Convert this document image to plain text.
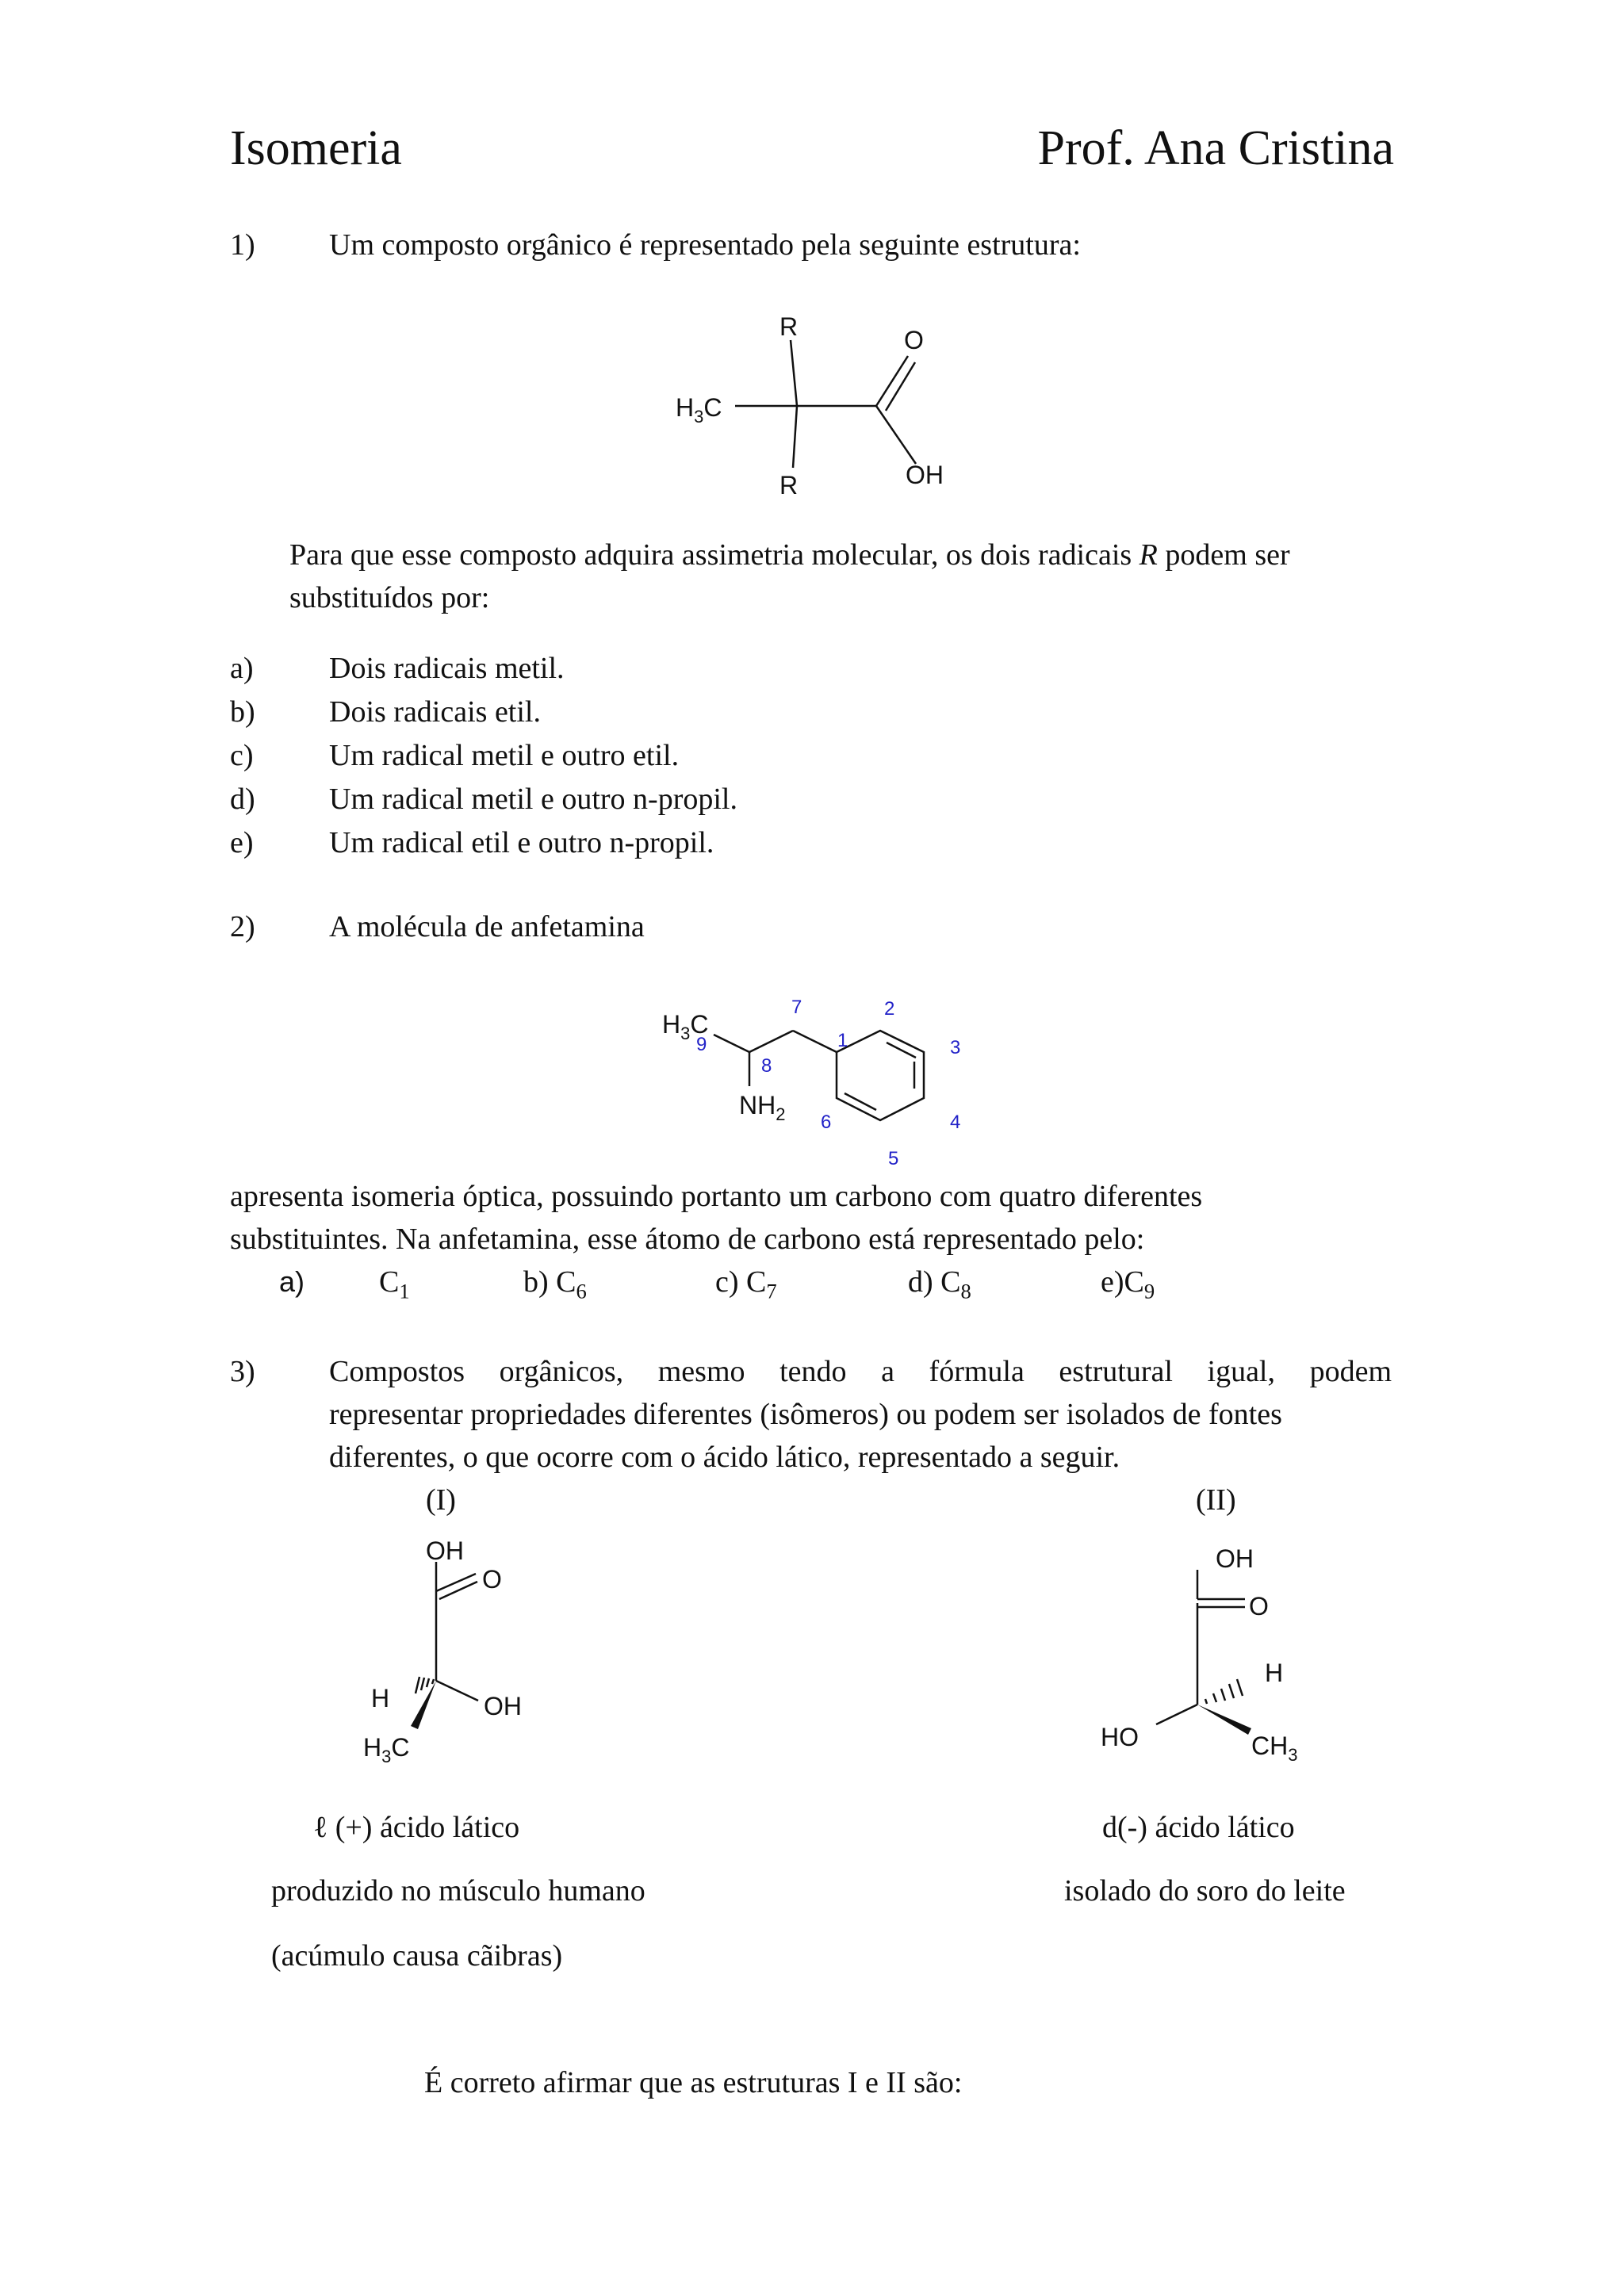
Isomeria	Prof. Ana Cristina
1) Um composto orgânico é representado pela seguinte estrutura:
R
R
O
OH
$H_3C$
Para que esse composto adquira assimetria molecular, os dois radicais R podem ser
substituídos por:
a)	Dois radicais metil.
b) Dois radicais etil.
c)	Um radical metil e outro etil.
d) Um radical metil e outro n-propil.
e)	Um radical etil e outro n-propil.
2) A molécula de anfetamina
$H_3C$
$NH_2$
1
2
3
4
5
6
7
8
9
apresenta isomeria óptica, possuindo portanto um carbono com quatro diferentes
substituintes. Na anfetamina, esse átomo de carbono está representado pelo:
a) $C_1$	b) $C_6$	c) $C_7$	d) $C_8$	$e)C_9$
3) Compostos orgânicos, mesmo tendo a fórmula estrutural igual, podem
representar propriedades diferentes (isômeros) ou podem ser isolados de fontes
diferentes, o que ocorre com o ácido lático, representado a seguir.
(I)	(II)
OH
O
H	OH
$H_3C$
OH
O
H
HO	$CH_3$
ℓ (+) ácido lático
produzido no músculo humano
(acúmulo causa cãibras)
d(-) ácido lático
isolado do soro do leite
É correto afirmar que as estruturas I e II são:
